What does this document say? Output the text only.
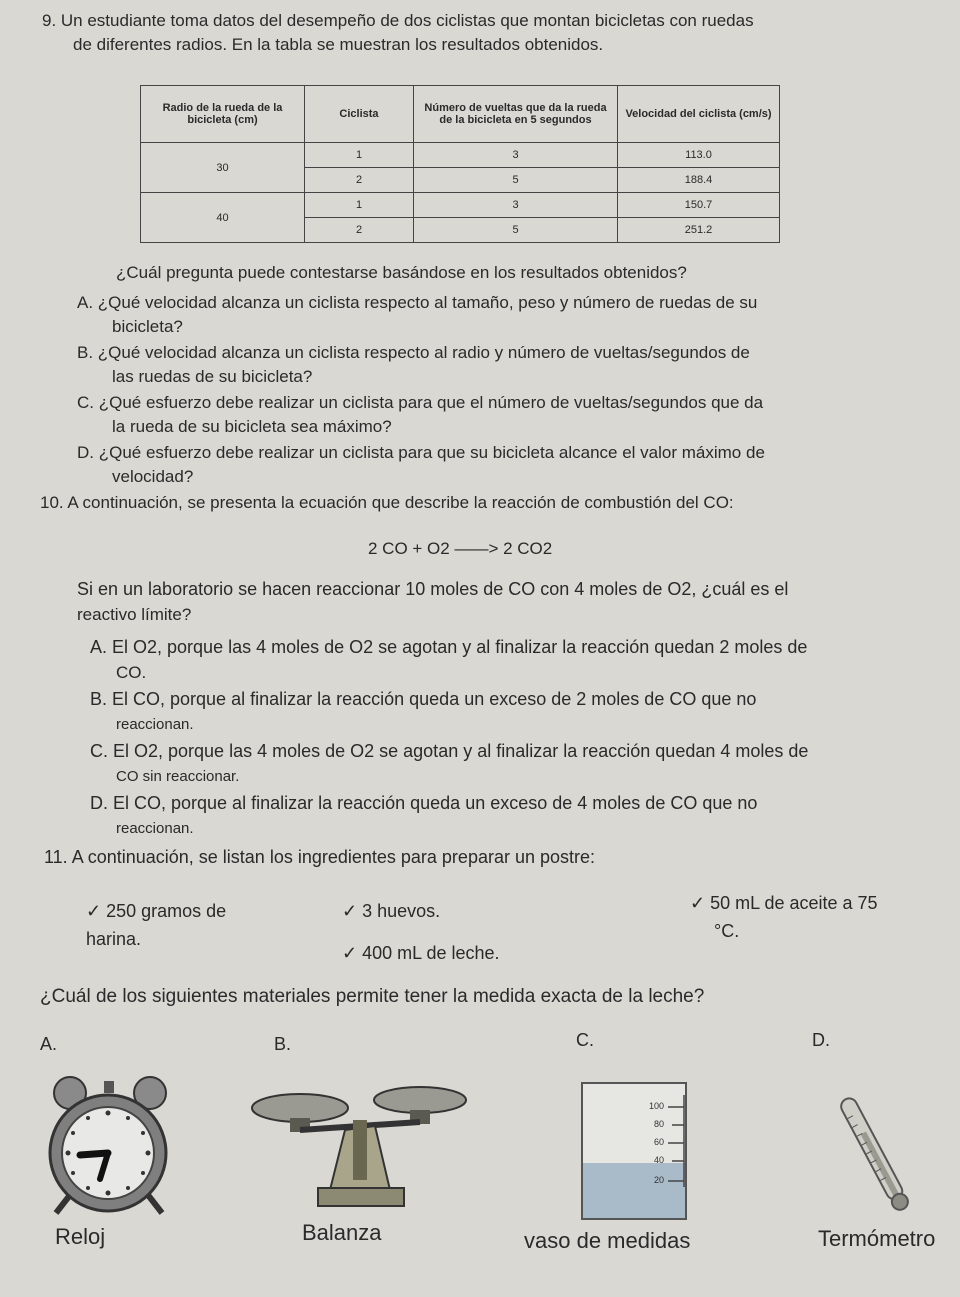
9. Un estudiante toma datos del desempeño de dos ciclistas que montan bicicletas con ruedas
de diferentes radios. En la tabla se muestran los resultados obtenidos.
Radio de la rueda de la bicicleta (cm)	Ciclista	Número de vueltas que da la rueda de la bicicleta en 5 segundos	Velocidad del ciclista (cm/s)
30	1	3	113.0
	2	5	188.4
40	1	3	150.7
	2	5	251.2
¿Cuál pregunta puede contestarse basándose en los resultados obtenidos?
A. ¿Qué velocidad alcanza un ciclista respecto al tamaño, peso y número de ruedas de su
bicicleta?
B. ¿Qué velocidad alcanza un ciclista respecto al radio y número de vueltas/segundos de
las ruedas de su bicicleta?
C. ¿Qué esfuerzo debe realizar un ciclista para que el número de vueltas/segundos que da
la rueda de su bicicleta sea máximo?
D. ¿Qué esfuerzo debe realizar un ciclista para que su bicicleta alcance el valor máximo de
velocidad?
10. A continuación, se presenta la ecuación que describe la reacción de combustión del CO:
2 CO + O2 ——> 2 CO2
Si en un laboratorio se hacen reaccionar 10 moles de CO con 4 moles de O2, ¿cuál es el
reactivo límite?
A. El O2, porque las 4 moles de O2 se agotan y al finalizar la reacción quedan 2 moles de
CO.
B. El CO, porque al finalizar la reacción queda un exceso de 2 moles de CO que no
reaccionan.
C. El O2, porque las 4 moles de O2 se agotan y al finalizar la reacción quedan 4 moles de
CO sin reaccionar.
D. El CO, porque al finalizar la reacción queda un exceso de 4 moles de CO que no
reaccionan.
11. A continuación, se listan los ingredientes para preparar un postre:
✓ 250 gramos de
harina.
✓ 3 huevos.
✓ 400 mL de leche.
✓ 50 mL de aceite a 75
°C.
¿Cuál de los siguientes materiales permite tener la medida exacta de la leche?
A.	B.	C.	D.
100
80
60
40
20
Reloj	Balanza	vaso de medidas	Termómetro
